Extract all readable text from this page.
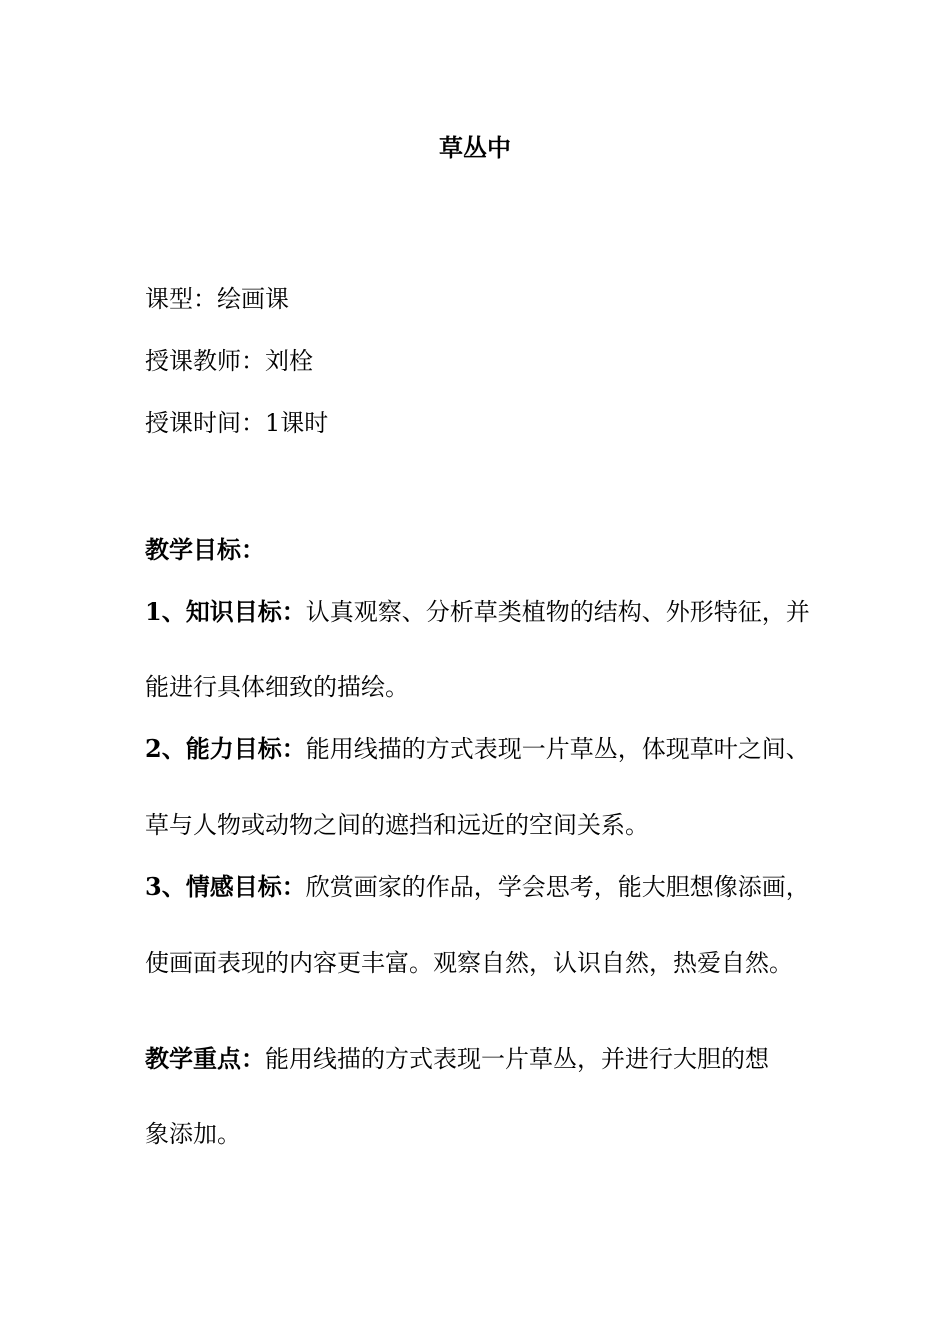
草丛中
课型：绘画课
授课教师：刘栓
授课时间：1课时
教学目标：
1、知识目标：认真观察、分析草类植物的结构、外形特征，并
能进行具体细致的描绘。
2、能力目标：能用线描的方式表现一片草丛，体现草叶之间、
草与人物或动物之间的遮挡和远近的空间关系。
3、情感目标：欣赏画家的作品，学会思考，能大胆想像添画，
使画面表现的内容更丰富。观察自然，认识自然，热爱自然。
教学重点：能用线描的方式表现一片草丛，并进行大胆的想
象添加。
